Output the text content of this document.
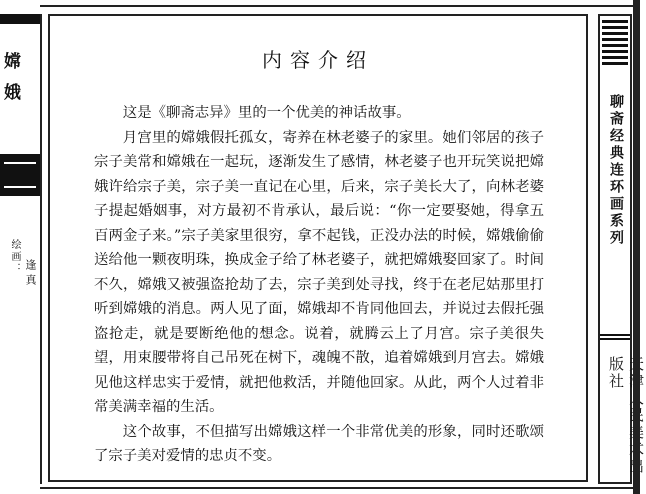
嫦娥
绘画： 逢真
内容介绍

这是《聊斋志异》里的一个优美的神话故事。

月宫里的嫦娥假托孤女，寄养在林老婆子的家里。她们邻居的孩子宗子美常和嫦娥在一起玩，逐渐发生了感情，林老婆子也开玩笑说把嫦娥许给宗子美，宗子美一直记在心里，后来，宗子美长大了，向林老婆子提起婚姻事，对方最初不肯承认，最后说：“你一定要娶她，得拿五百两金子来。”宗子美家里很穷，拿不起钱，正没办法的时候，嫦娥偷偷送给他一颗夜明珠，换成金子给了林老婆子，就把嫦娥娶回家了。时间不久，嫦娥又被强盗抢劫了去，宗子美到处寻找，终于在老尼姑那里打听到嫦娥的消息。两人见了面，嫦娥却不肯同他回去，并说过去假托强盗抢走，就是要断绝他的想念。说着，就腾云上了月宫。宗子美很失望，用束腰带将自己吊死在树下，魂魄不散，追着嫦娥到月宫去。嫦娥见他这样忠实于爱情，就把他救活，并随他回家。从此，两个人过着非常美满幸福的生活。

这个故事，不但描写出嫦娥这样一个非常优美的形象，同时还歌颂了宗子美对爱情的忠贞不变。

聊斋经典连环画系列
版社
